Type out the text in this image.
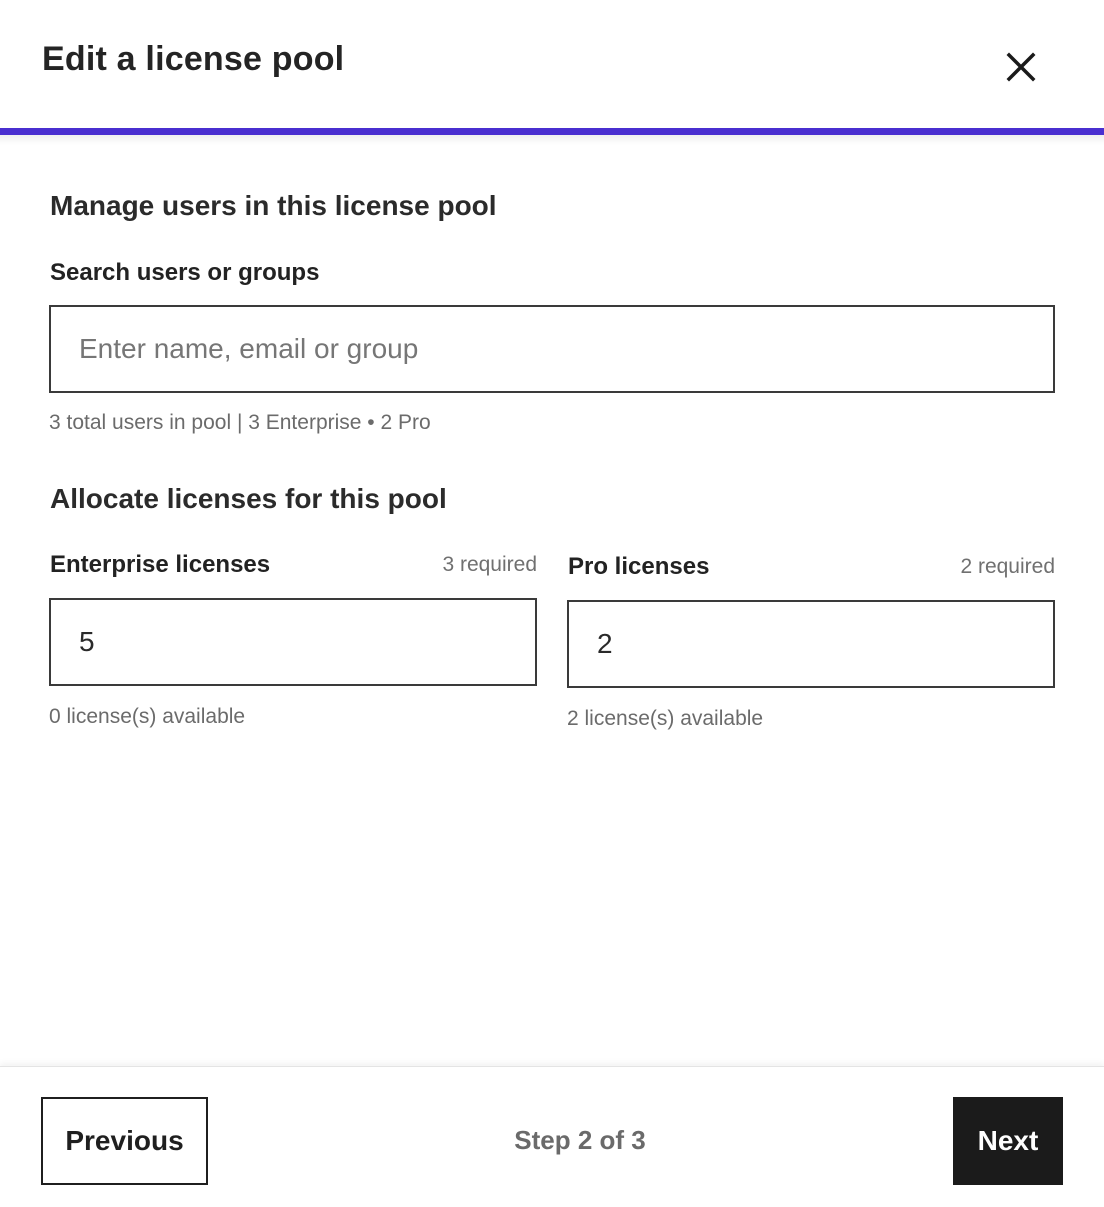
Edit a license pool
Manage users in this license pool
Search users or groups
Enter name, email or group
3 total users in pool | 3 Enterprise • 2 Pro
Allocate licenses for this pool
Enterprise licenses	3 required
5
0 license(s) available
Pro licenses	2 required
2
2 license(s) available
Previous	Step 2 of 3	Next
